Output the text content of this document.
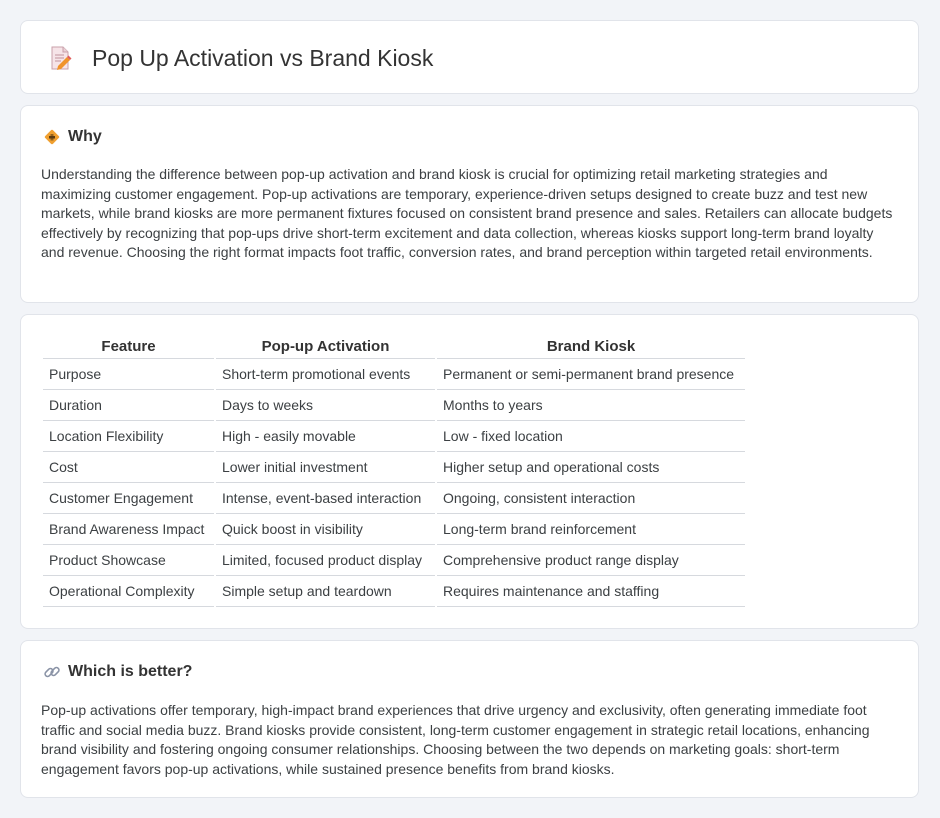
Pop Up Activation vs Brand Kiosk
Why

Understanding the difference between pop-up activation and brand kiosk is crucial for optimizing retail marketing strategies and maximizing customer engagement. Pop-up activations are temporary, experience-driven setups designed to create buzz and test new markets, while brand kiosks are more permanent fixtures focused on consistent brand presence and sales. Retailers can allocate budgets effectively by recognizing that pop-ups drive short-term excitement and data collection, whereas kiosks support long-term brand loyalty and revenue. Choosing the right format impacts foot traffic, conversion rates, and brand perception within targeted retail environments.

Feature	Pop-up Activation	Brand Kiosk
Purpose	Short-term promotional events	Permanent or semi-permanent brand presence
Duration	Days to weeks	Months to years
Location Flexibility	High - easily movable	Low - fixed location
Cost	Lower initial investment	Higher setup and operational costs
Customer Engagement	Intense, event-based interaction	Ongoing, consistent interaction
Brand Awareness Impact	Quick boost in visibility	Long-term brand reinforcement
Product Showcase	Limited, focused product display	Comprehensive product range display
Operational Complexity	Simple setup and teardown	Requires maintenance and staffing
Which is better?

Pop-up activations offer temporary, high-impact brand experiences that drive urgency and exclusivity, often generating immediate foot traffic and social media buzz. Brand kiosks provide consistent, long-term customer engagement in strategic retail locations, enhancing brand visibility and fostering ongoing consumer relationships. Choosing between the two depends on marketing goals: short-term engagement favors pop-up activations, while sustained presence benefits from brand kiosks.
